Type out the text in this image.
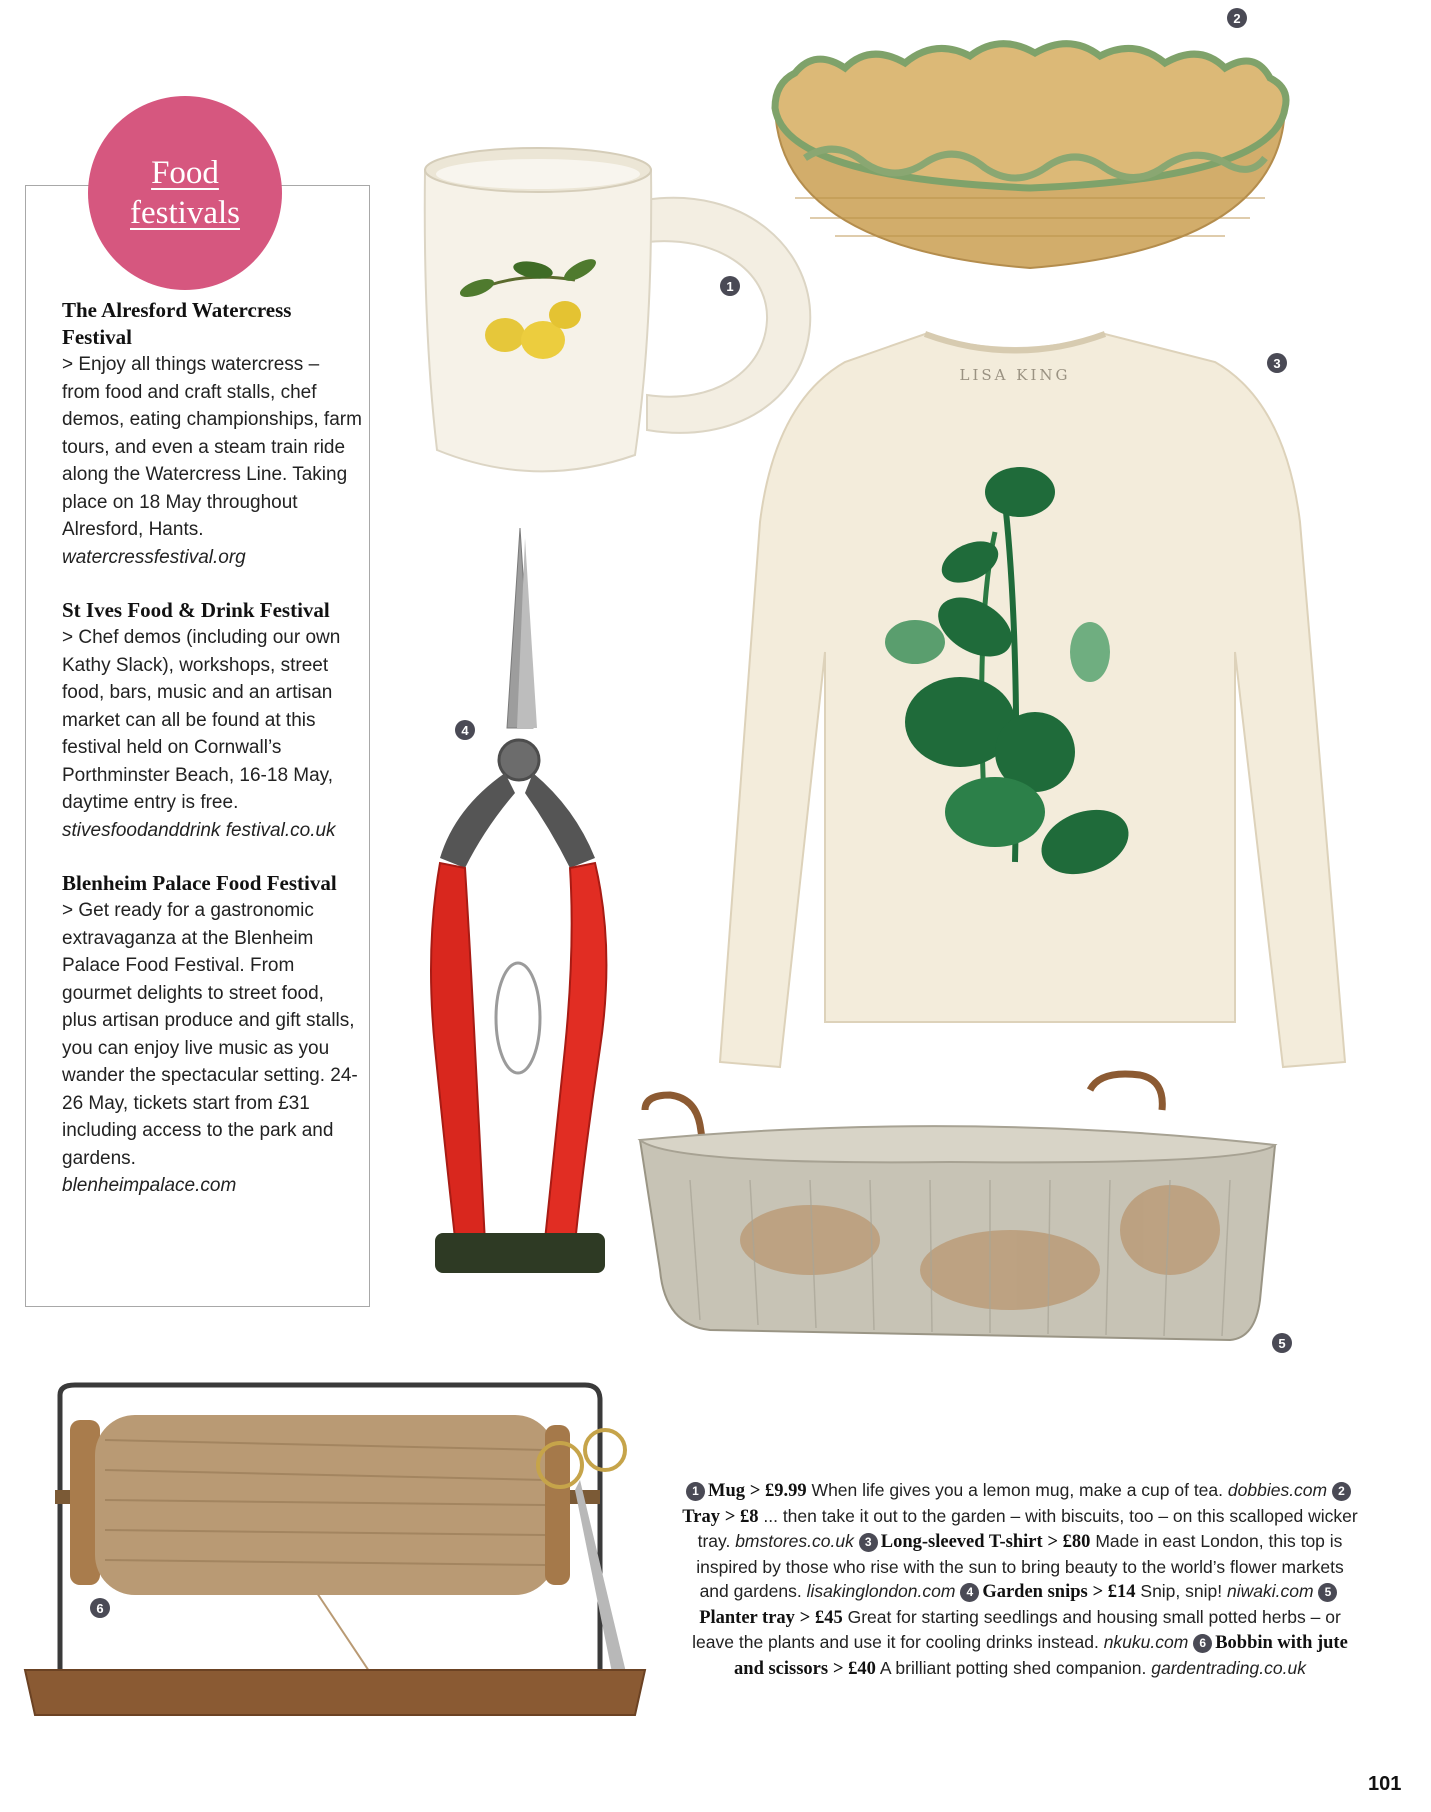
Food
festivals
The Alresford Watercress Festival
> Enjoy all things watercress – from food and craft stalls, chef demos, eating championships, farm tours, and even a steam train ride along the Watercress Line. Taking place on 18 May throughout Alresford, Hants.
watercressfestival.org
St Ives Food & Drink Festival
> Chef demos (including our own Kathy Slack), workshops, street food, bars, music and an artisan market can all be found at this festival held on Cornwall’s Porthminster Beach, 16-18 May, daytime entry is free.
stivesfoodanddrink festival.co.uk
Blenheim Palace Food Festival
> Get ready for a gastronomic extravaganza at the Blenheim Palace Food Festival. From gourmet delights to street food, plus artisan produce and gift stalls, you can enjoy live music as you wander the spectacular setting. 24-26 May, tickets start from £31 including access to the park and gardens.
blenheimpalace.com
1
2
LISA KING
3
4
5
6
1 Mug > £9.99 When life gives you a lemon mug, make a cup of tea. dobbies.com 2Tray > £8 ... then take it out to the garden – with biscuits, too – on this scalloped wicker tray. bmstores.co.uk 3 Long-sleeved T-shirt > £80 Made in east London, this top is inspired by those who rise with the sun to bring beauty to the world’s flower markets and gardens. lisakinglondon.com 4 Garden snips > £14 Snip, snip! niwaki.com 5Planter tray > £45 Great for starting seedlings and housing small potted herbs – or leave the plants and use it for cooling drinks instead. nkuku.com 6 Bobbin with jute and scissors > £40 A brilliant potting shed companion. gardentrading.co.uk
101
